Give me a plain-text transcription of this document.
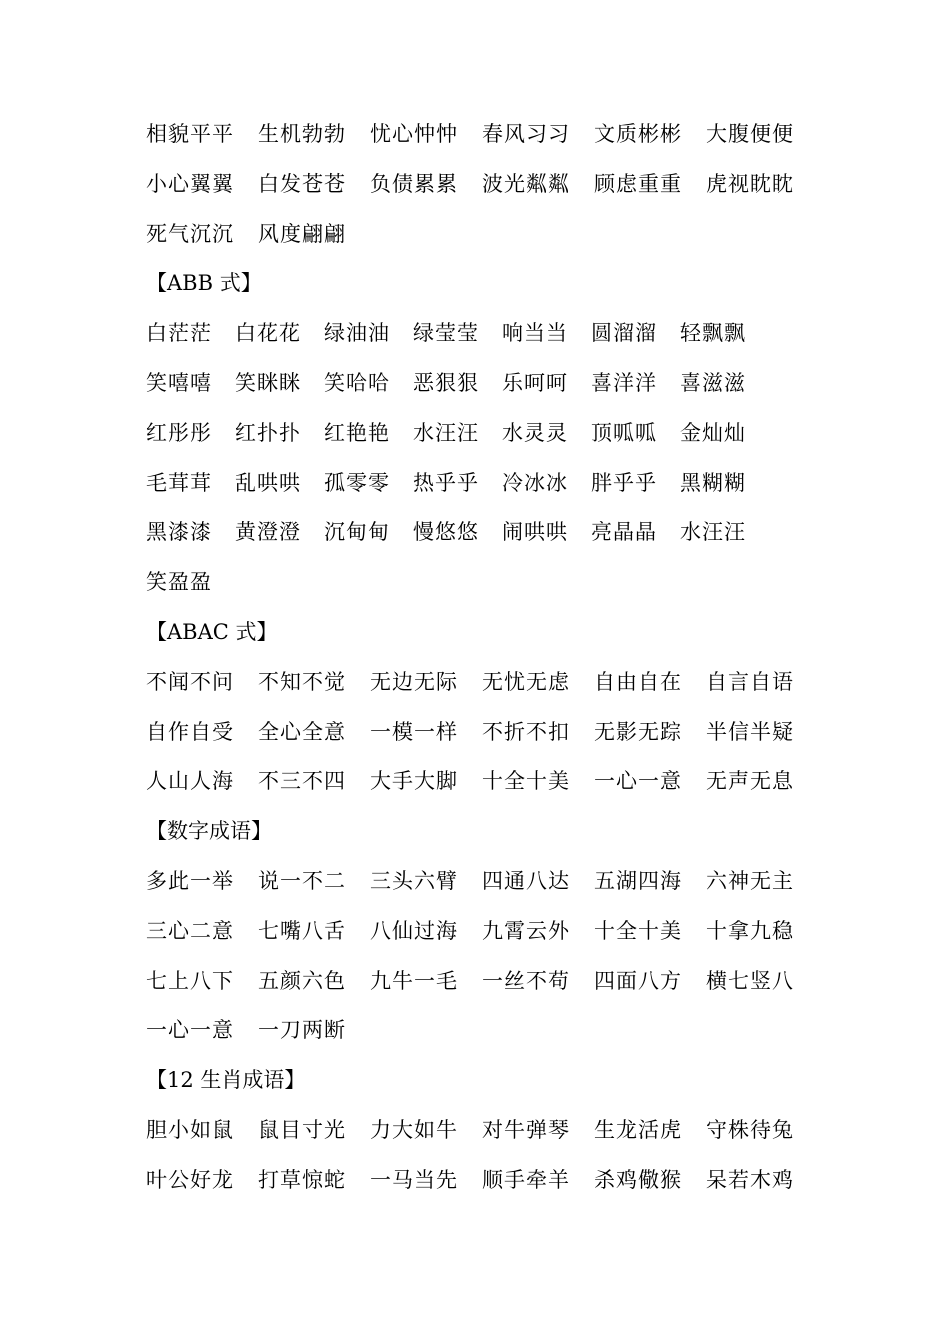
相貌平平 生机勃勃 忧心忡忡 春风习习 文质彬彬 大腹便便
小心翼翼 白发苍苍 负债累累 波光粼粼 顾虑重重 虎视眈眈
死气沉沉 风度翩翩
【ABB 式】
白茫茫 白花花 绿油油 绿莹莹 响当当 圆溜溜 轻飘飘
笑嘻嘻 笑眯眯 笑哈哈 恶狠狠 乐呵呵 喜洋洋 喜滋滋
红彤彤 红扑扑 红艳艳 水汪汪 水灵灵 顶呱呱 金灿灿
毛茸茸 乱哄哄 孤零零 热乎乎 冷冰冰 胖乎乎 黑糊糊
黑漆漆 黄澄澄 沉甸甸 慢悠悠 闹哄哄 亮晶晶 水汪汪
笑盈盈
【ABAC 式】
不闻不问 不知不觉 无边无际 无忧无虑 自由自在 自言自语
自作自受 全心全意 一模一样 不折不扣 无影无踪 半信半疑
人山人海 不三不四 大手大脚 十全十美 一心一意 无声无息
【数字成语】
多此一举 说一不二 三头六臂 四通八达 五湖四海 六神无主
三心二意 七嘴八舌 八仙过海 九霄云外 十全十美 十拿九稳
七上八下 五颜六色 九牛一毛 一丝不苟 四面八方 横七竖八
一心一意 一刀两断
【12 生肖成语】
胆小如鼠 鼠目寸光 力大如牛 对牛弹琴 生龙活虎 守株待兔
叶公好龙 打草惊蛇一马当先 顺手牵羊 杀鸡儆猴 呆若木鸡
